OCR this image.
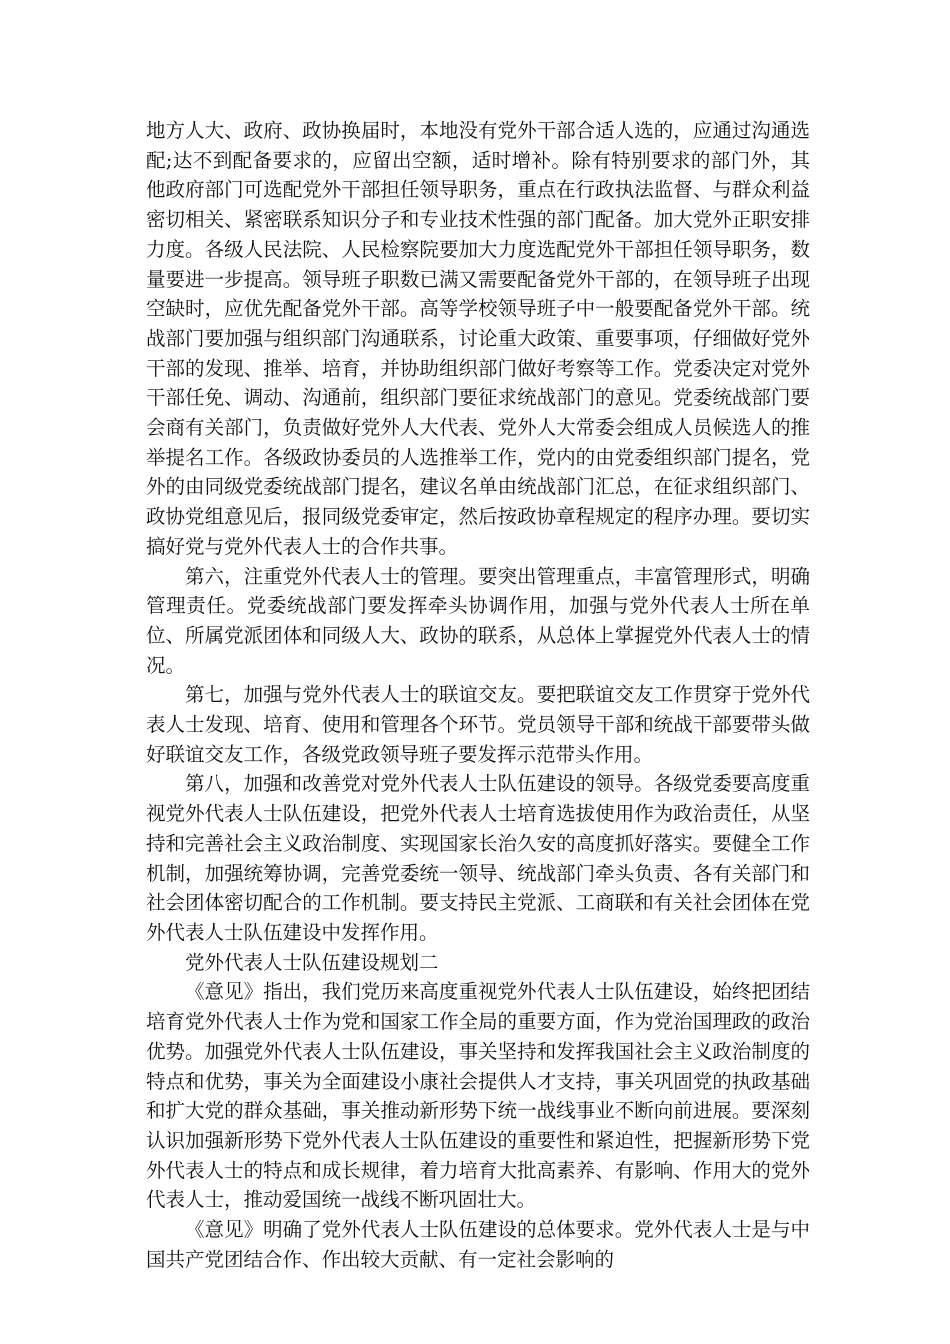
地方人大、政府、政协换届时，本地没有党外干部合适人选的，应通过沟通选配;达不到配备要求的，应留出空额，适时增补。除有特别要求的部门外，其他政府部门可选配党外干部担任领导职务，重点在行政执法监督、与群众利益密切相关、紧密联系知识分子和专业技术性强的部门配备。加大党外正职安排力度。各级人民法院、人民检察院要加大力度选配党外干部担任领导职务，数量要进一步提高。领导班子职数已满又需要配备党外干部的，在领导班子出现空缺时，应优先配备党外干部。高等学校领导班子中一般要配备党外干部。统战部门要加强与组织部门沟通联系，讨论重大政策、重要事项，仔细做好党外干部的发现、推举、培育，并协助组织部门做好考察等工作。党委决定对党外干部任免、调动、沟通前，组织部门要征求统战部门的意见。党委统战部门要会商有关部门，负责做好党外人大代表、党外人大常委会组成人员候选人的推举提名工作。各级政协委员的人选推举工作，党内的由党委组织部门提名，党外的由同级党委统战部门提名，建议名单由统战部门汇总，在征求组织部门、政协党组意见后，报同级党委审定，然后按政协章程规定的程序办理。要切实搞好党与党外代表人士的合作共事。

第六，注重党外代表人士的管理。要突出管理重点，丰富管理形式，明确管理责任。党委统战部门要发挥牵头协调作用，加强与党外代表人士所在单位、所属党派团体和同级人大、政协的联系，从总体上掌握党外代表人士的情况。

第七，加强与党外代表人士的联谊交友。要把联谊交友工作贯穿于党外代表人士发现、培育、使用和管理各个环节。党员领导干部和统战干部要带头做好联谊交友工作，各级党政领导班子要发挥示范带头作用。

第八，加强和改善党对党外代表人士队伍建设的领导。各级党委要高度重视党外代表人士队伍建设，把党外代表人士培育选拔使用作为政治责任，从坚持和完善社会主义政治制度、实现国家长治久安的高度抓好落实。要健全工作机制，加强统筹协调，完善党委统一领导、统战部门牵头负责、各有关部门和社会团体密切配合的工作机制。要支持民主党派、工商联和有关社会团体在党外代表人士队伍建设中发挥作用。

党外代表人士队伍建设规划二

《意见》指出，我们党历来高度重视党外代表人士队伍建设，始终把团结培育党外代表人士作为党和国家工作全局的重要方面，作为党治国理政的政治优势。加强党外代表人士队伍建设，事关坚持和发挥我国社会主义政治制度的特点和优势，事关为全面建设小康社会提供人才支持，事关巩固党的执政基础和扩大党的群众基础，事关推动新形势下统一战线事业不断向前进展。要深刻认识加强新形势下党外代表人士队伍建设的重要性和紧迫性，把握新形势下党外代表人士的特点和成长规律，着力培育大批高素养、有影响、作用大的党外代表人士，推动爱国统一战线不断巩固壮大。

《意见》明确了党外代表人士队伍建设的总体要求。党外代表人士是与中国共产党团结合作、作出较大贡献、有一定社会影响的
